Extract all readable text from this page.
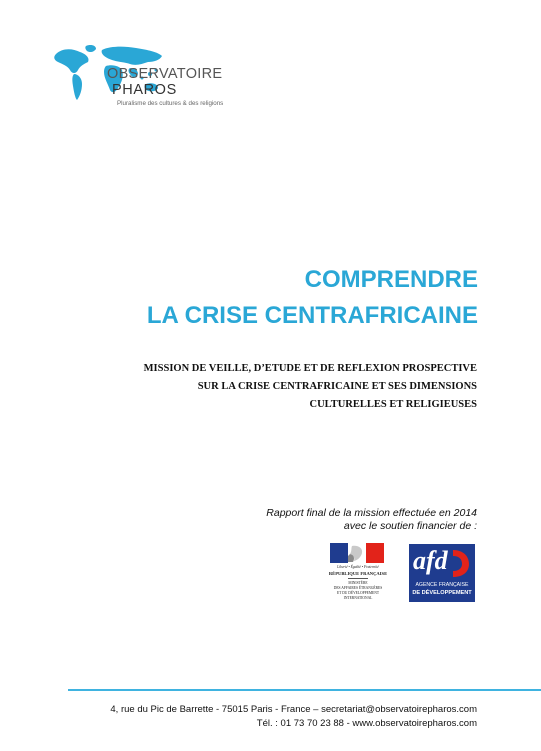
OBSERVATOIRE
PHAROS
Pluralisme des cultures & des religions
COMPRENDRE
LA CRISE CENTRAFRICAINE
MISSION DE VEILLE, D’ETUDE ET DE REFLEXION PROSPECTIVE
SUR LA CRISE CENTRAFRICAINE ET SES DIMENSIONS
CULTURELLES ET RELIGIEUSES
Rapport final de la mission effectuée en 2014
avec le soutien financier de :
Liberté • Égalité • Fraternité
RÉPUBLIQUE FRANÇAISE
MINISTÈRE
DES AFFAIRES ÉTRANGÈRES
ET DU DÉVELOPPEMENT
INTERNATIONAL
afd
AGENCE FRANÇAISE
DE DÉVELOPPEMENT
4, rue du Pic de Barrette - 75015 Paris - France – secretariat@observatoirepharos.com
Tél. : 01 73 70 23 88 - www.observatoirepharos.com
